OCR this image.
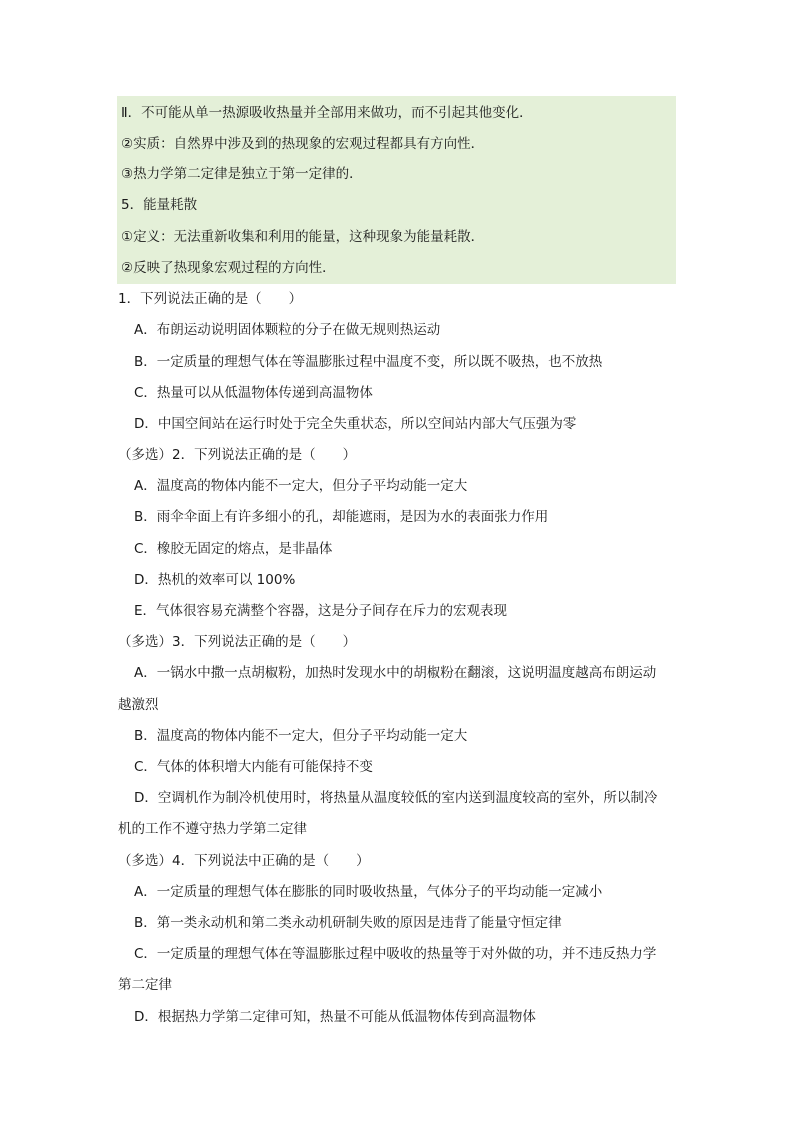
Ⅱ．不可能从单一热源吸收热量并全部用来做功，而不引起其他变化．
②实质：自然界中涉及到的热现象的宏观过程都具有方向性．
③热力学第二定律是独立于第一定律的．
5．能量耗散
①定义：无法重新收集和利用的能量，这种现象为能量耗散．
②反映了热现象宏观过程的方向性．
1．下列说法正确的是（　　）
A．布朗运动说明固体颗粒的分子在做无规则热运动
B．一定质量的理想气体在等温膨胀过程中温度不变，所以既不吸热，也不放热
C．热量可以从低温物体传递到高温物体
D．中国空间站在运行时处于完全失重状态，所以空间站内部大气压强为零
（多选）2．下列说法正确的是（　　）
A．温度高的物体内能不一定大，但分子平均动能一定大
B．雨伞伞面上有许多细小的孔，却能遮雨，是因为水的表面张力作用
C．橡胶无固定的熔点，是非晶体
D．热机的效率可以 100%
E．气体很容易充满整个容器，这是分子间存在斥力的宏观表现
（多选）3．下列说法正确的是（　　）
A．一锅水中撒一点胡椒粉，加热时发现水中的胡椒粉在翻滚，这说明温度越高布朗运动
越激烈
B．温度高的物体内能不一定大，但分子平均动能一定大
C．气体的体积增大内能有可能保持不变
D．空调机作为制冷机使用时，将热量从温度较低的室内送到温度较高的室外，所以制冷
机的工作不遵守热力学第二定律
（多选）4．下列说法中正确的是（　　）
A．一定质量的理想气体在膨胀的同时吸收热量，气体分子的平均动能一定减小
B．第一类永动机和第二类永动机研制失败的原因是违背了能量守恒定律
C．一定质量的理想气体在等温膨胀过程中吸收的热量等于对外做的功，并不违反热力学
第二定律
D．根据热力学第二定律可知，热量不可能从低温物体传到高温物体
